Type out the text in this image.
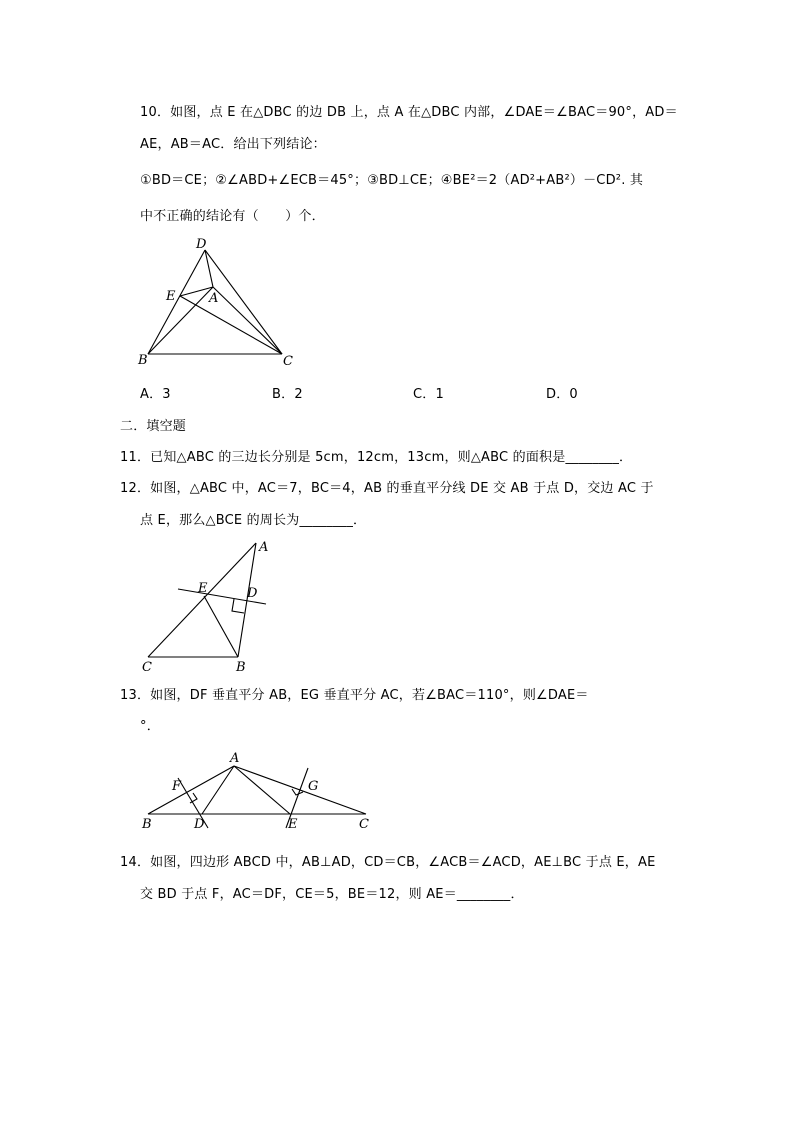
10．如图，点 E 在△DBC 的边 DB 上，点 A 在△DBC 内部，∠DAE＝∠BAC＝90°，AD＝
AE，AB＝AC．给出下列结论：
①BD＝CE；②∠ABD+∠ECB＝45°；③BD⊥CE；④BE²＝2（AD²+AB²）－CD². 其
中不正确的结论有（　　）个．
D
E	A
B	C
A．3	B．2	C．1	D．0
二．填空题
11．已知△ABC 的三边长分别是 5cm，12cm，13cm，则△ABC 的面积是________．
12．如图，△ABC 中，AC＝7，BC＝4，AB 的垂直平分线 DE 交 AB 于点 D，交边 AC 于
点 E，那么△BCE 的周长为________．
A
E	D
C	B
13．如图，DF 垂直平分 AB，EG 垂直平分 AC，若∠BAC＝110°，则∠DAE＝
°．
A
F	G
B	D	E	C
14．如图，四边形 ABCD 中，AB⊥AD，CD＝CB，∠ACB＝∠ACD，AE⊥BC 于点 E，AE
交 BD 于点 F，AC＝DF，CE＝5，BE＝12，则 AE＝________．
